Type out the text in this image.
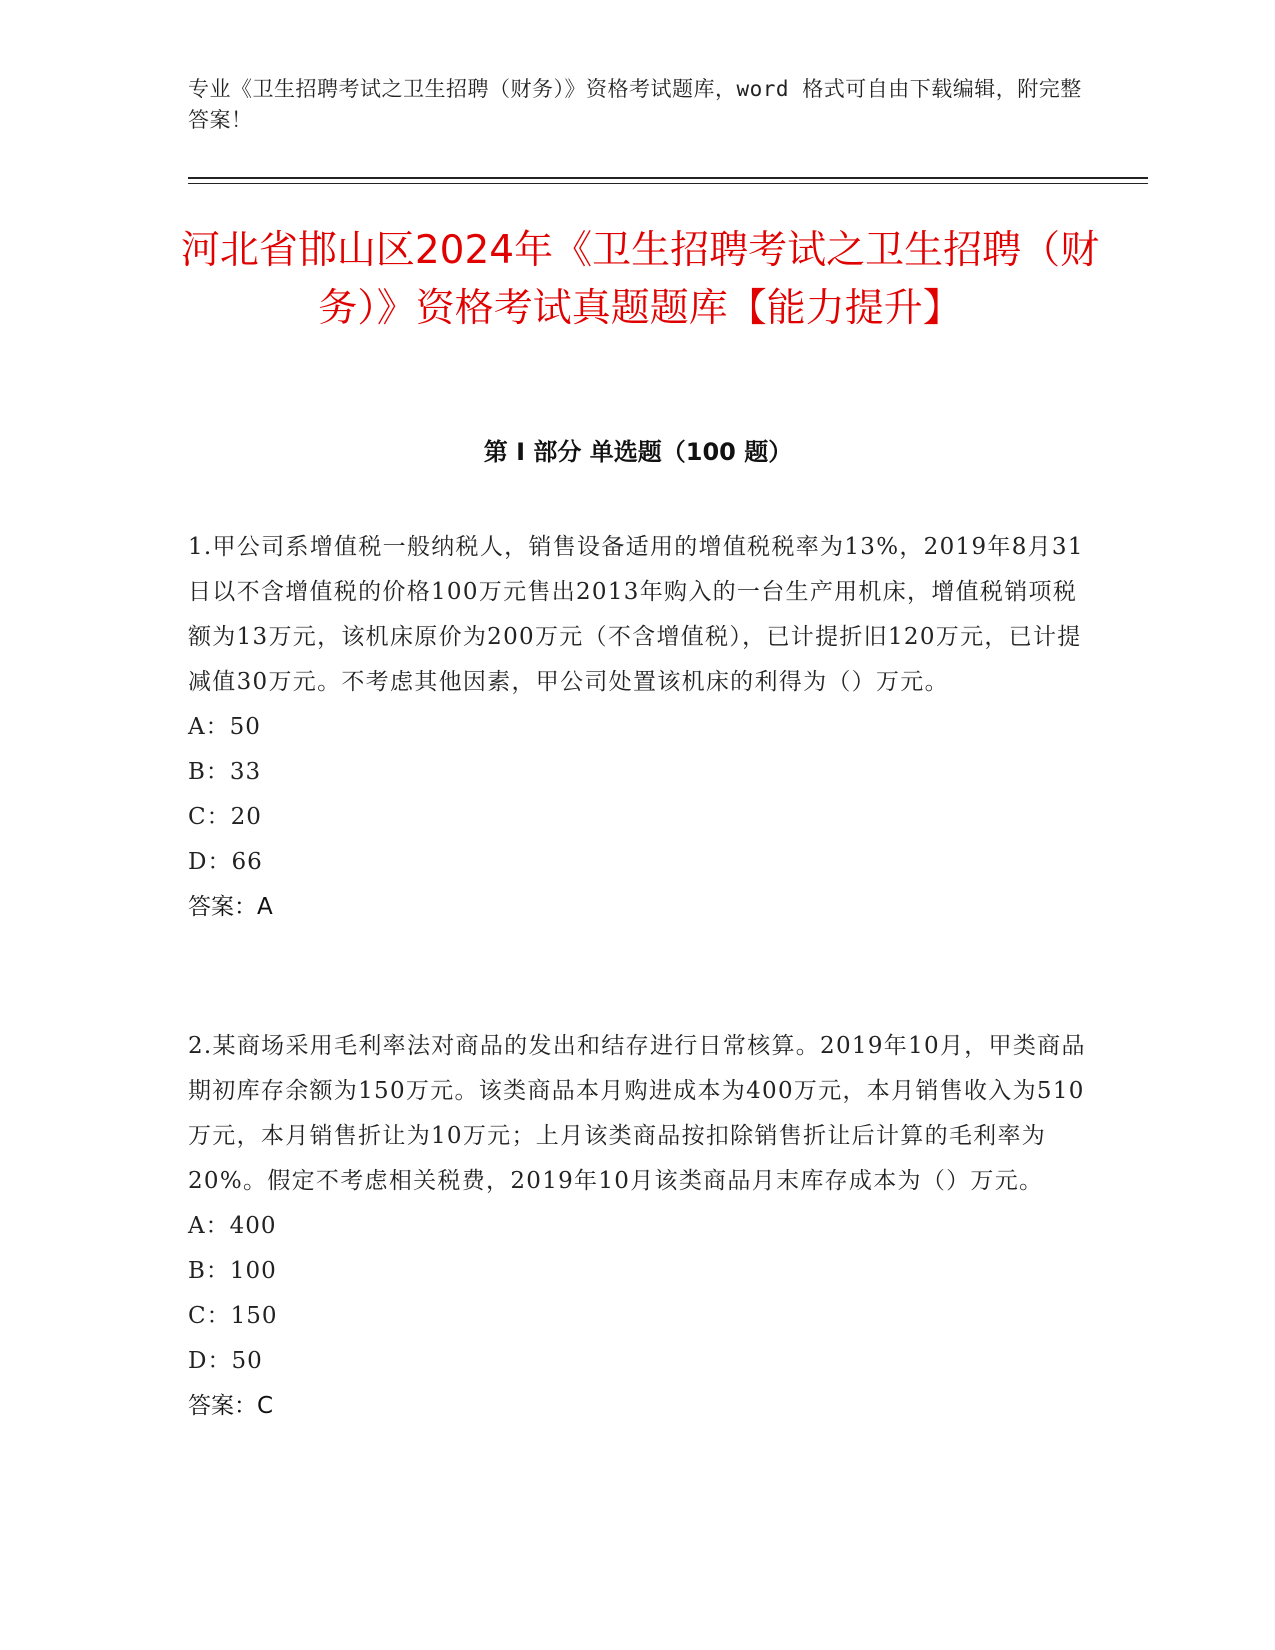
专业《卫生招聘考试之卫生招聘（财务）》资格考试题库，word 格式可自由下载编辑，附完整答案！
河北省邯山区2024年《卫生招聘考试之卫生招聘（财务）》资格考试真题题库【能力提升】
第 I 部分 单选题（100 题）

1.甲公司系增值税一般纳税人，销售设备适用的增值税税率为13%，2019年8月31日以不含增值税的价格100万元售出2013年购入的一台生产用机床，增值税销项税额为13万元，该机床原价为200万元（不含增值税），已计提折旧120万元，已计提减值30万元。不考虑其他因素，甲公司处置该机床的利得为（）万元。

A：50

B：33

C：20

D：66

答案：A

2.某商场采用毛利率法对商品的发出和结存进行日常核算。2019年10月，甲类商品期初库存余额为150万元。该类商品本月购进成本为400万元，本月销售收入为510万元，本月销售折让为10万元；上月该类商品按扣除销售折让后计算的毛利率为20%。假定不考虑相关税费，2019年10月该类商品月末库存成本为（）万元。

A：400

B：100

C：150

D：50

答案：C
